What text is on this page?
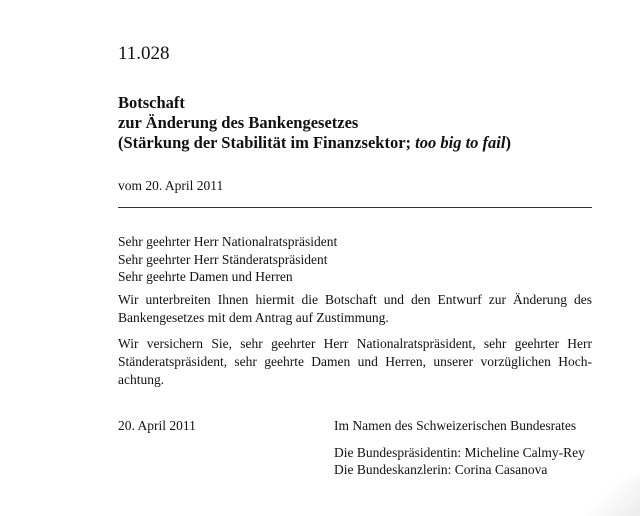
11.028

Botschaft
zur Änderung des Bankengesetzes
(Stärkung der Stabilität im Finanzsektor; too big to fail)

vom 20. April 2011

Sehr geehrter Herr Nationalratspräsident
Sehr geehrter Herr Ständeratspräsident
Sehr geehrte Damen und Herren

Wir unterbreiten Ihnen hiermit die Botschaft und den Entwurf zur Änderung des
Bankengesetzes mit dem Antrag auf Zustimmung.

Wir versichern Sie, sehr geehrter Herr Nationalratspräsident, sehr geehrter Herr
Ständeratspräsident, sehr geehrte Damen und Herren, unserer vorzüglichen Hoch-
achtung.

20. April 2011	Im Namen des Schweizerischen Bundesrates
Die Bundespräsidentin: Micheline Calmy-Rey
Die Bundeskanzlerin: Corina Casanova
